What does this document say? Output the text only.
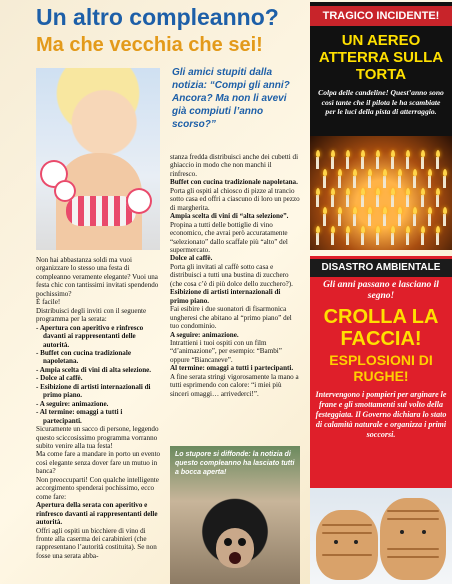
Un altro compleanno?
Ma che vecchia che sei!
Gli amici stupiti dalla notizia: “Compi gli anni? Ancora? Ma non li avevi già compiuti l’anno scorso?”

Non hai abbastanza soldi ma vuoi organizzare lo stesso una festa di compleanno veramente elegante? Vuoi una festa chic con tantissimi invitati spendendo pochissimo?

È facile!

Distribuisci degli inviti con il seguente programma per la serata:

- Apertura con aperitivo e rinfresco davanti ai rappresentanti delle autorità.

- Buffet con cucina tradizionale napoletana.

- Ampia scelta di vini di alta selezione.

- Dolce al caffè.

- Esibizione di artisti internazionali di primo piano.

- A seguire: animazione.

- Al termine: omaggi a tutti i partecipanti.

Sicuramente un sacco di persone, leggendo questo sciccosissimo programma vorranno subito venire alla tua festa!

Ma come fare a mandare in porto un evento così elegante senza dover fare un mutuo in banca?

Non preoccuparti! Con qualche intelligente accorgimento spenderai pochissimo, ecco come fare:

Apertura della serata con aperitivo e rinfresco davanti ai rappresentanti delle autorità.

Offri agli ospiti un bicchiere di vino di fronte alla caserma dei carabinieri (che rappresentano l’autorità costituita). Se non fosse una serata abba-

stanza fredda distribuisci anche dei cubetti di ghiaccio in modo che non manchi il rinfresco.

Buffet con cucina tradizionale napoletana.

Porta gli ospiti al chiosco di pizze al trancio sotto casa ed offri a ciascuno di loro un pezzo di margherita.

Ampia scelta di vini di “alta selezione”.

Propina a tutti delle bottiglie di vino economico, che avrai però accuratamente “selezionato” dallo scaffale più “alto” del supermercato.

Dolce al caffè.

Porta gli invitati al caffè sotto casa e distribuisci a tutti una bustina di zucchero (che cosa c’è di più dolce dello zucchero?).

Esibizione di artisti internazionali di primo piano.

Fai esibire i due suonatori di fisarmonica ungheresi che abitano al “primo piano” del tuo condominio.

A seguire: animazione.

Intrattieni i tuoi ospiti con un film “d’animazione”, per esempio: “Bambi” oppure “Biancaneve”.

Al termine: omaggi a tutti i partecipanti.

A fine serata stringi vigorosamente la mano a tutti esprimendo con calore: “i miei più sinceri omaggi… arrivederci!”.

Lo stupore si diffonde: la notizia di questo compleanno ha lasciato tutti a bocca aperta!
TRAGICO INCIDENTE!
UN AEREO ATTERRA SULLA TORTA
Colpa delle candeline! Quest’anno sono così tante che il pilota le ha scambiate per le luci della pista di atterraggio.
DISASTRO AMBIENTALE
Gli anni passano e lasciano il segno!
CROLLA LA FACCIA!
ESPLOSIONI DI RUGHE!
Intervengono i pompieri per arginare le frane e gli smottamenti sul volto della festeggiata. Il Governo dichiara lo stato di calamità naturale e organizza i primi soccorsi.
